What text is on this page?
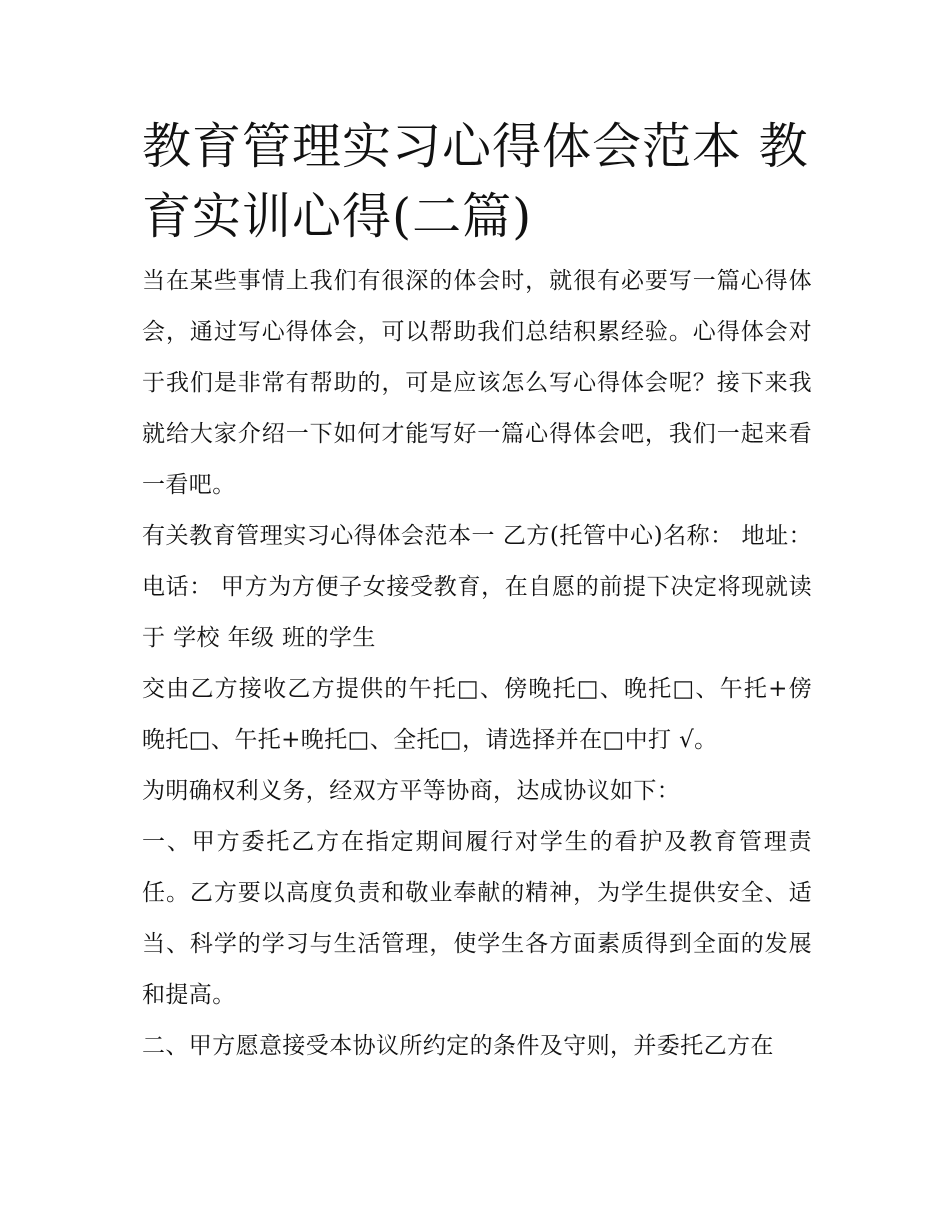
教育管理实习心得体会范本 教育实训心得(二篇)

当在某些事情上我们有很深的体会时，就很有必要写一篇心得体会，通过写心得体会，可以帮助我们总结积累经验。心得体会对于我们是非常有帮助的，可是应该怎么写心得体会呢？接下来我就给大家介绍一下如何才能写好一篇心得体会吧，我们一起来看一看吧。

有关教育管理实习心得体会范本一 乙方(托管中心)名称： 地址： 电话： 甲方为方便子女接受教育，在自愿的前提下决定将现就读于 学校 年级 班的学生

交由乙方接收乙方提供的午托□、傍晚托□、晚托□、午托+傍晚托□、午托+晚托□、全托□，请选择并在□中打 √。

为明确权利义务，经双方平等协商，达成协议如下：

一、甲方委托乙方在指定期间履行对学生的看护及教育管理责任。乙方要以高度负责和敬业奉献的精神，为学生提供安全、适当、科学的学习与生活管理，使学生各方面素质得到全面的发展和提高。

二、甲方愿意接受本协议所约定的条件及守则，并委托乙方在
